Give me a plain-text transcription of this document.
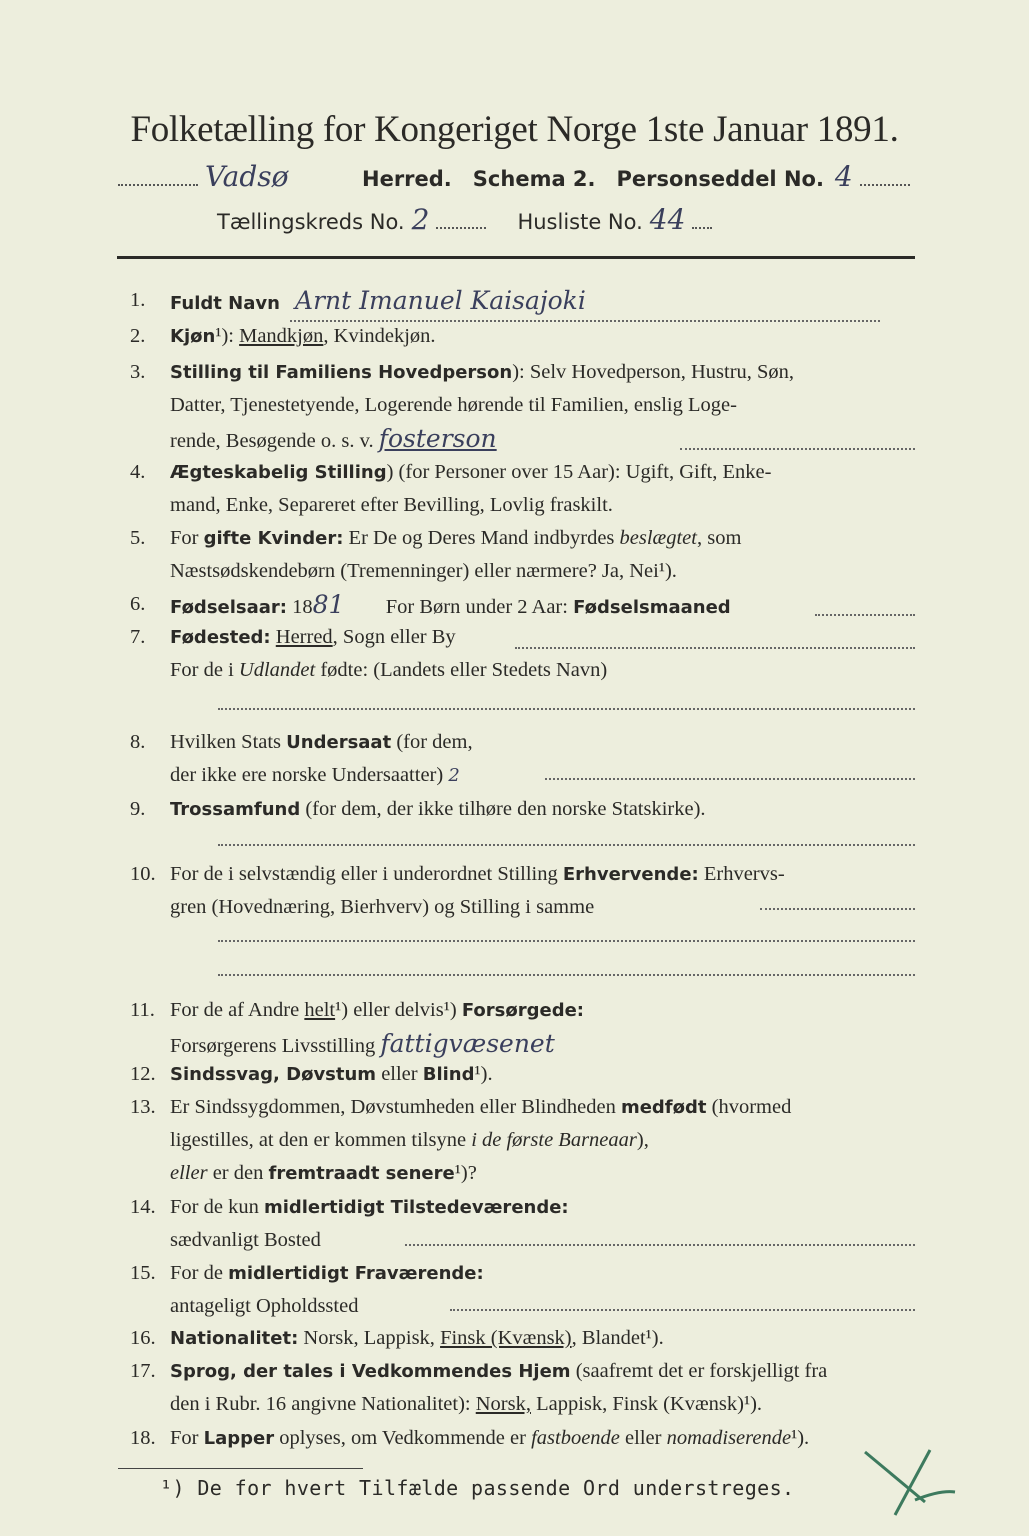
Folketælling for Kongeriget Norge 1ste Januar 1891.
Vadsø	Herred. Schema 2. Personseddel No. 4
Tællingskreds No. 2	Husliste No. 44
1.	Fuldt Navn Arnt Imanuel Kaisajoki
2.	Kjøn¹): Mandkjøn, Kvindekjøn.
3.	Stilling til Familiens Hovedperson): Selv Hovedperson, Hustru, Søn,
Datter, Tjenestetyende, Logerende hørende til Familien, enslig Loge-
rende, Besøgende o. s. v. fosterson
4.	Ægteskabelig Stilling) (for Personer over 15 Aar): Ugift, Gift, Enke-
mand, Enke, Separeret efter Bevilling, Lovlig fraskilt.
5.	For gifte Kvinder: Er De og Deres Mand indbyrdes beslægtet, som
Næstsødskendebørn (Tremenninger) eller nærmere? Ja, Nei¹).
6.	Fødselsaar: 1881 For Børn under 2 Aar: Fødselsmaaned
7.	Fødested: Herred, Sogn eller By
For de i Udlandet fødte: (Landets eller Stedets Navn)
8.	Hvilken Stats Undersaat (for dem,
der ikke ere norske Undersaatter) 2
9.	Trossamfund (for dem, der ikke tilhøre den norske Statskirke).
10. For de i selvstændig eller i underordnet Stilling Erhvervende: Erhvervs-
gren (Hovednæring, Bierhverv) og Stilling i samme
11. For de af Andre helt¹) eller delvis¹) Forsørgede:
Forsørgerens Livsstilling fattigvæsenet
12. Sindssvag, Døvstum eller Blind¹).
13. Er Sindssygdommen, Døvstumheden eller Blindheden medfødt (hvormed
ligestilles, at den er kommen tilsyne i de første Barneaar),
eller er den fremtraadt senere¹)?
14. For de kun midlertidigt Tilstedeværende:
sædvanligt Bosted
15. For de midlertidigt Fraværende:
antageligt Opholdssted
16. Nationalitet: Norsk, Lappisk, Finsk (Kvænsk), Blandet¹).
17. Sprog, der tales i Vedkommendes Hjem (saafremt det er forskjelligt fra
den i Rubr. 16 angivne Nationalitet): Norsk, Lappisk, Finsk (Kvænsk)¹).
18. For Lapper oplyses, om Vedkommende er fastboende eller nomadiserende¹).
¹) De for hvert Tilfælde passende Ord understreges.
